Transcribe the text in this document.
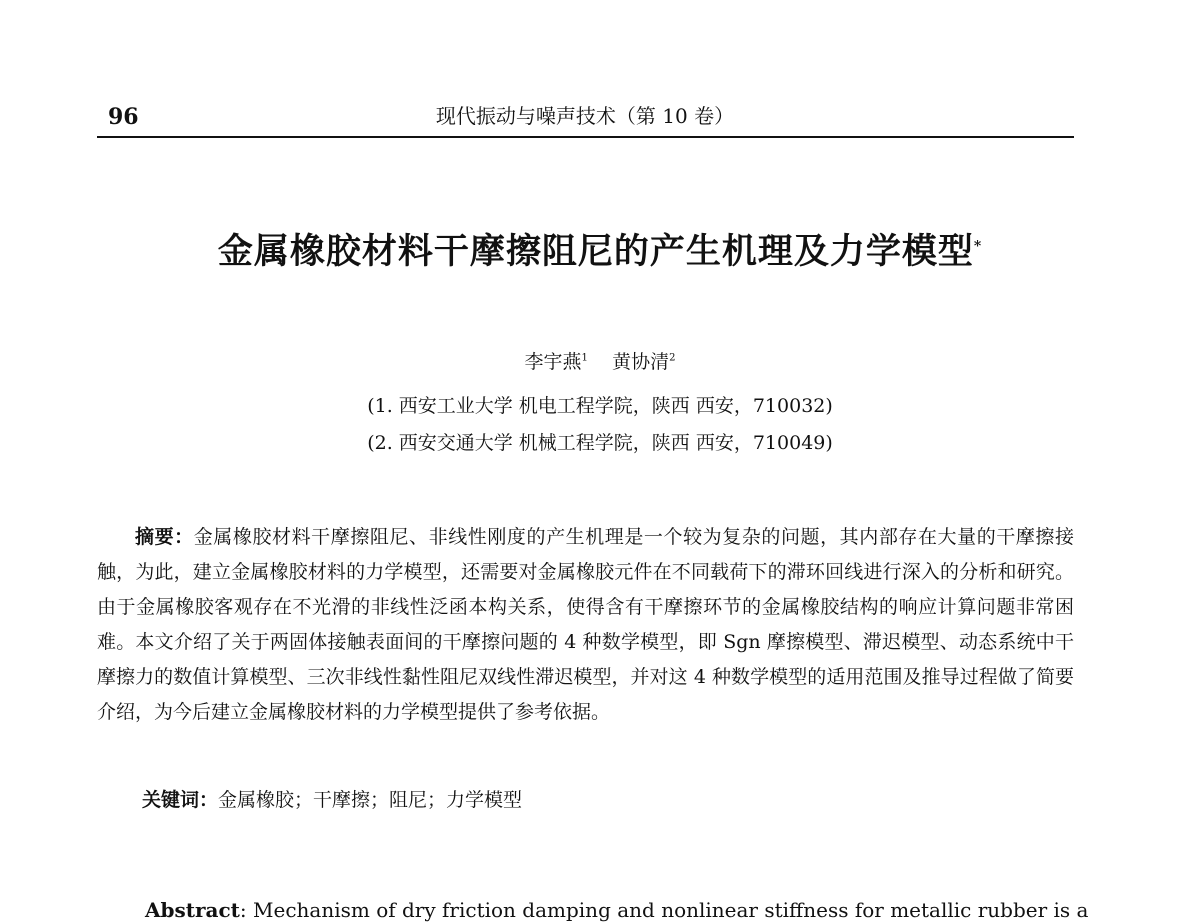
96	现代振动与噪声技术（第 10 卷）
金属橡胶材料干摩擦阻尼的产生机理及力学模型*
李宇燕$^1$ 黄协清$^2$
(1. 西安工业大学 机电工程学院，陕西 西安，710032)
(2. 西安交通大学 机械工程学院，陕西 西安，710049)
摘要：金属橡胶材料干摩擦阻尼、非线性刚度的产生机理是一个较为复杂的问题，其内部存在大量的干摩擦接触，为此，建立金属橡胶材料的力学模型，还需要对金属橡胶元件在不同载荷下的滞环回线进行深入的分析和研究。由于金属橡胶客观存在不光滑的非线性泛函本构关系，使得含有干摩擦环节的金属橡胶结构的响应计算问题非常困难。本文介绍了关于两固体接触表面间的干摩擦问题的 4 种数学模型，即 Sgn 摩擦模型、滞迟模型、动态系统中干摩擦力的数值计算模型、三次非线性黏性阻尼双线性滞迟模型，并对这 4 种数学模型的适用范围及推导过程做了简要介绍，为今后建立金属橡胶材料的力学模型提供了参考依据。
关键词：金属橡胶；干摩擦；阻尼；力学模型
Abstract: Mechanism of dry friction damping and nonlinear stiffness for metallic rubber is a
